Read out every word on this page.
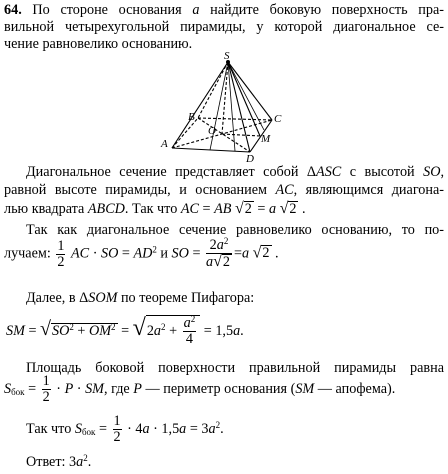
64. По стороне основания a найдите боковую поверхность пра-
вильной четырехугольной пирамиды, у которой диагональное се-
чение равновелико основанию.
S
A
B	C
D
O
M
Диагональное сечение представляет собой ΔASC с высотой SO,
равной высоте пирамиды, и основанием AC, являющимся диагона-
лью квадрата ABCD. Так что AC = AB √2 = a √2 .
Так как диагональное сечение равновелико основанию, то по-
лучаем: $\frac{1}{2}$ AC · SO = $AD^2$ и SO = $\frac{2a^2}{a√2} =a$ √2 .
Далее, в ΔSOM по теореме Пифагора:
SM = $√SO^2 + OM^2 = √2a^2 + \frac{a^2}{4} = 1,5a$.
Площадь боковой поверхности правильной пирамиды равна
$S_{бок} = \frac{1}{2} \cdot P$ · SM, где P — периметр основания (SM — апофема).
Так что $S_{бок} = \frac{1}{2} \cdot 4a \cdot 1,5a = 3a^2$.
Ответ: $3a^2$.
